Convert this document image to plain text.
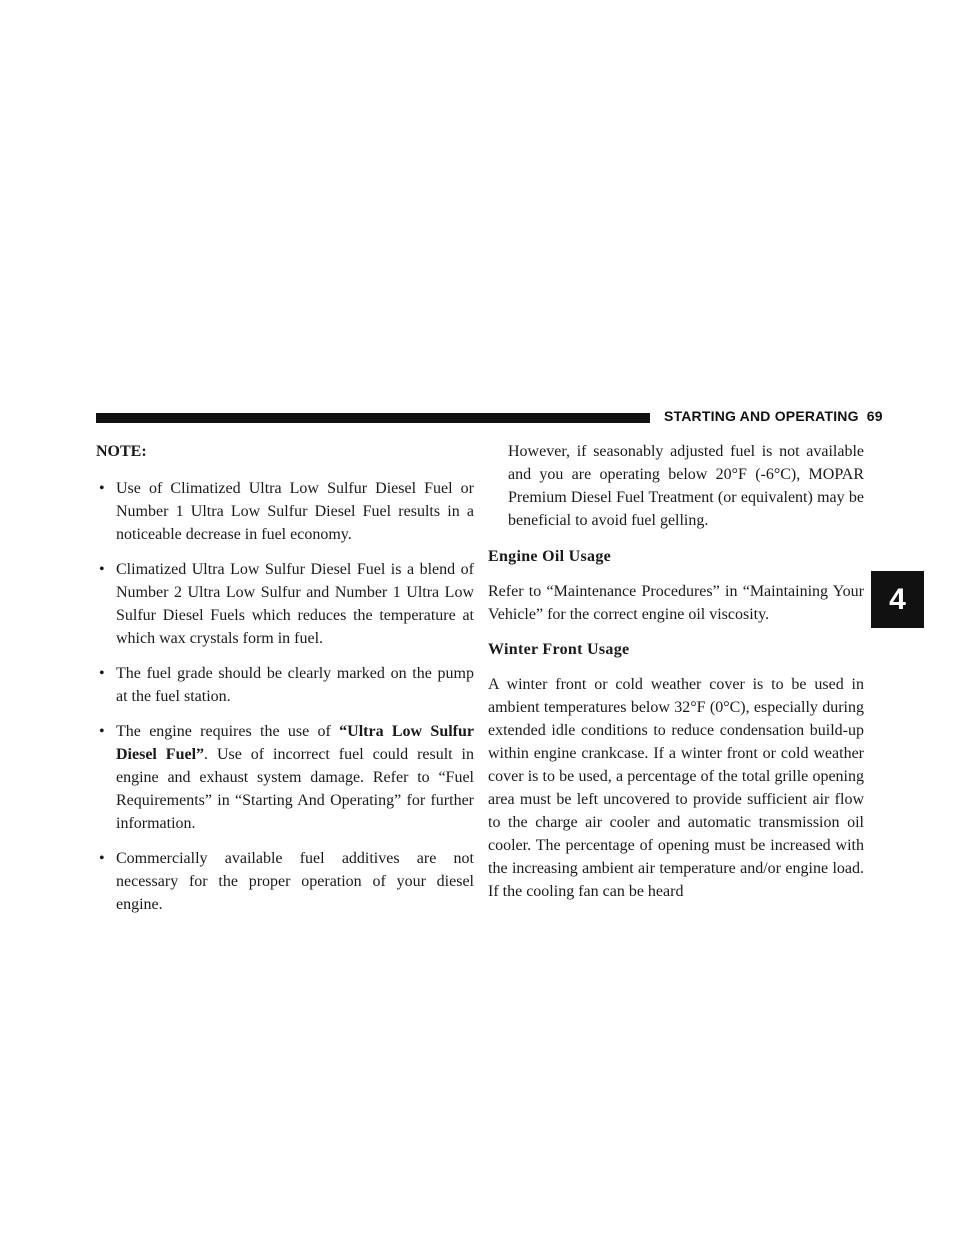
STARTING AND OPERATING 69
4
NOTE:
• Use of Climatized Ultra Low Sulfur Diesel Fuel or Number 1 Ultra Low Sulfur Diesel Fuel results in a noticeable decrease in fuel economy.
• Climatized Ultra Low Sulfur Diesel Fuel is a blend of Number 2 Ultra Low Sulfur and Number 1 Ultra Low Sulfur Diesel Fuels which reduces the temperature at which wax crystals form in fuel.
• The fuel grade should be clearly marked on the pump at the fuel station.
• The engine requires the use of “Ultra Low Sulfur Diesel Fuel”. Use of incorrect fuel could result in engine and exhaust system damage. Refer to “Fuel Requirements” in “Starting And Operating” for further information.
• Commercially available fuel additives are not necessary for the proper operation of your diesel engine.
However, if seasonably adjusted fuel is not available and you are operating below 20°F (-6°C), MOPAR Premium Diesel Fuel Treatment (or equivalent) may be beneficial to avoid fuel gelling.
Engine Oil Usage

Refer to “Maintenance Procedures” in “Maintaining Your Vehicle” for the correct engine oil viscosity.

Winter Front Usage

A winter front or cold weather cover is to be used in ambient temperatures below 32°F (0°C), especially during extended idle conditions to reduce condensation build-up within engine crankcase. If a winter front or cold weather cover is to be used, a percentage of the total grille opening area must be left uncovered to provide sufficient air flow to the charge air cooler and automatic transmission oil cooler. The percentage of opening must be increased with the increasing ambient air temperature and/or engine load. If the cooling fan can be heard
